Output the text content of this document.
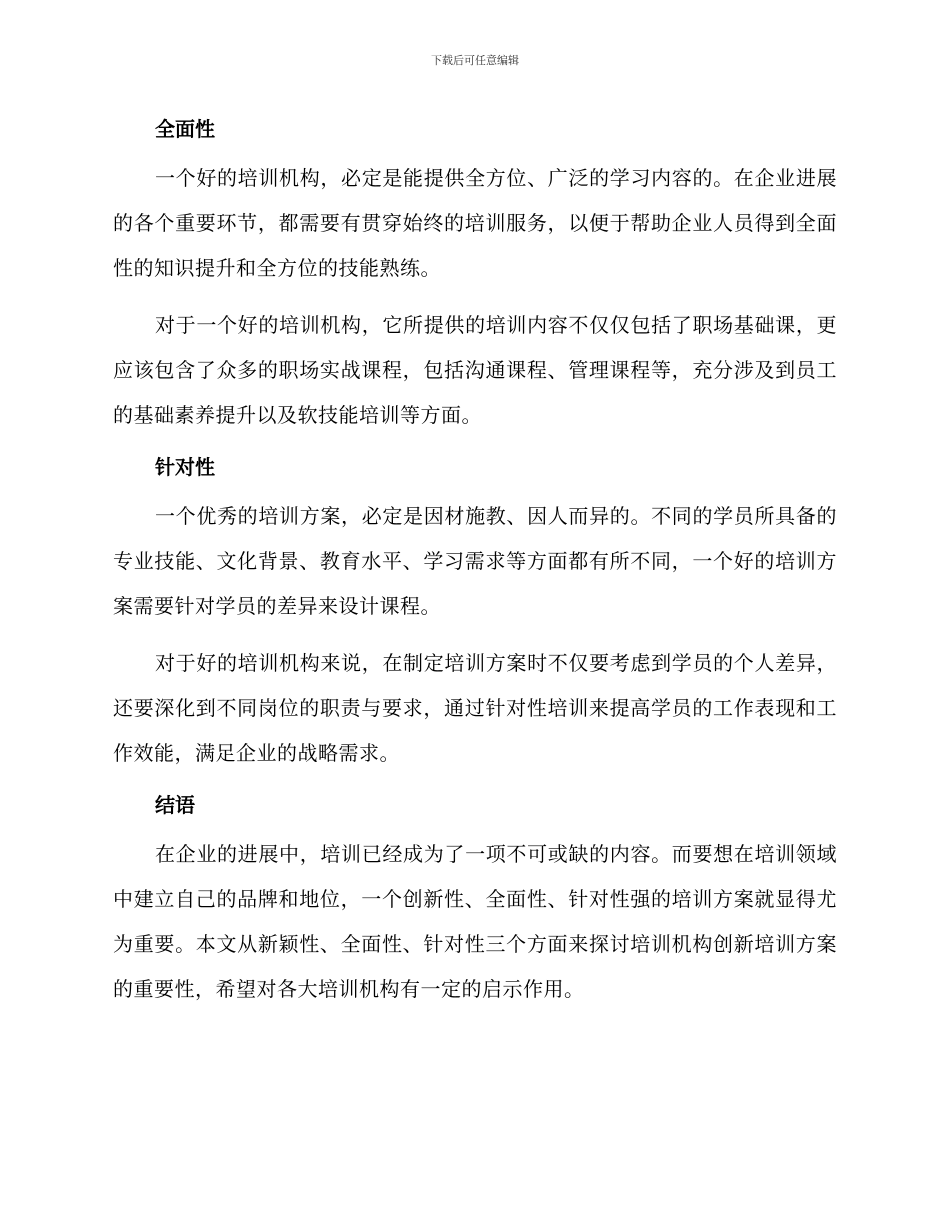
下载后可任意编辑
全面性

一个好的培训机构，必定是能提供全方位、广泛的学习内容的。在企业进展的各个重要环节，都需要有贯穿始终的培训服务，以便于帮助企业人员得到全面性的知识提升和全方位的技能熟练。

对于一个好的培训机构，它所提供的培训内容不仅仅包括了职场基础课，更应该包含了众多的职场实战课程，包括沟通课程、管理课程等，充分涉及到员工的基础素养提升以及软技能培训等方面。

针对性

一个优秀的培训方案，必定是因材施教、因人而异的。不同的学员所具备的专业技能、文化背景、教育水平、学习需求等方面都有所不同，一个好的培训方案需要针对学员的差异来设计课程。

对于好的培训机构来说，在制定培训方案时不仅要考虑到学员的个人差异，还要深化到不同岗位的职责与要求，通过针对性培训来提高学员的工作表现和工作效能，满足企业的战略需求。

结语

在企业的进展中，培训已经成为了一项不可或缺的内容。而要想在培训领域中建立自己的品牌和地位，一个创新性、全面性、针对性强的培训方案就显得尤为重要。本文从新颖性、全面性、针对性三个方面来探讨培训机构创新培训方案的重要性，希望对各大培训机构有一定的启示作用。
